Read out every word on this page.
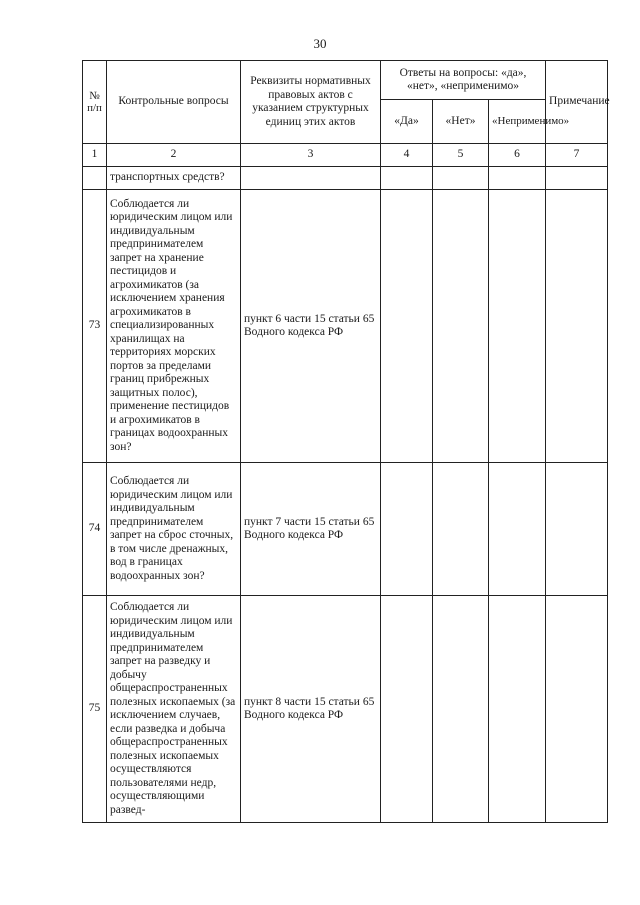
30
№ п/п	Контрольные вопросы	Реквизиты нормативных правовых актов с указанием структурных единиц этих актов	Ответы на вопросы: «да», «нет», «неприменимо»			Примечание
			«Да»	«Нет»	«Неприменимо»	
1	2	3	4	5	6	7
	транспортных средств?					
73	Соблюдается ли юридическим лицом или индивидуальным предпринимателем запрет на хранение пестицидов и агрохимикатов (за исключением хранения агрохимикатов в специализированных хранилищах на территориях морских портов за пределами границ прибрежных защитных полос), применение пестицидов и агрохимикатов в границах водоохранных зон?	пункт 6 части 15 статьи 65 Водного кодекса РФ				
74	Соблюдается ли юридическим лицом или индивидуальным предпринимателем запрет на сброс сточных, в том числе дренажных, вод в границах водоохранных зон?	пункт 7 части 15 статьи 65 Водного кодекса РФ				
75	Соблюдается ли юридическим лицом или индивидуальным предпринимателем запрет на разведку и добычу общераспространенных полезных ископаемых (за исключением случаев, если разведка и добыча общераспространенных полезных ископаемых осуществляются пользователями недр, осуществляющими развед-	пункт 8 части 15 статьи 65 Водного кодекса РФ				
